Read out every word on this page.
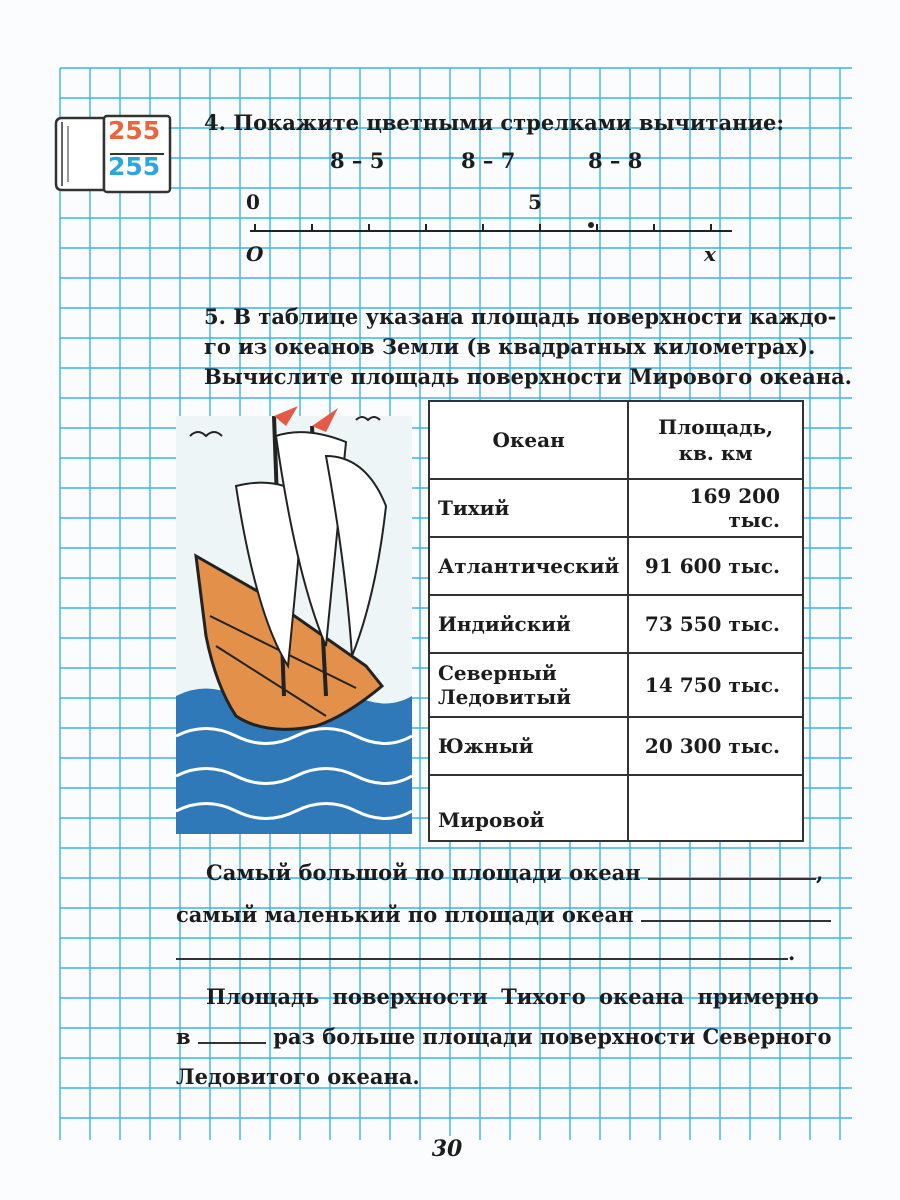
255
255
4. Покажите цветными стрелками вычитание:
8 – 5	8 – 7	8 – 8
0	5
O	x
5. В таблице указана площадь поверхности каждо-
го из океанов Земли (в квадратных километрах).
Вычислите площадь поверхности Мирового океана.
Океан	Площадь,
кв. км
Тихий	169 200 тыс.
Атлантический	91 600 тыс.
Индийский	73 550 тыс.
Северный
Ледовитый	14 750 тыс.
Южный	20 300 тыс.
Мировой	
Самый большой по площади океан	,
самый маленький по площади океан
.
Площадь поверхности Тихого океана примерно
в	раз больше площади поверхности Северного
Ледовитого океана.
30
